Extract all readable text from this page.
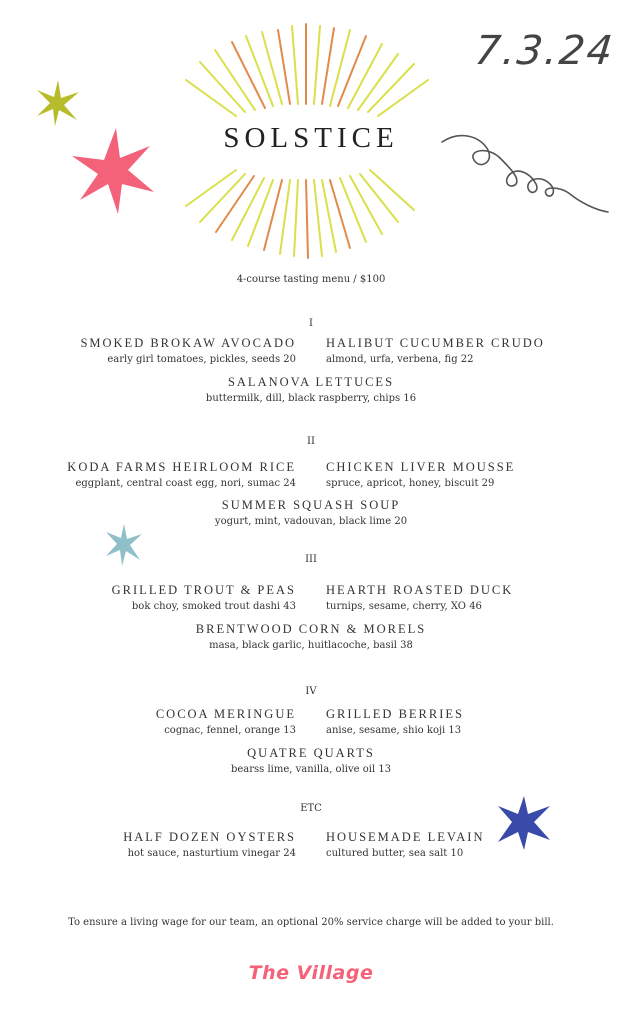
7.3.24
SOLSTICE
4-course tasting menu / $100
I
SMOKED BROKAW AVOCADO
early girl tomatoes, pickles, seeds 20
HALIBUT CUCUMBER CRUDO
almond, urfa, verbena, fig 22
SALANOVA LETTUCES
buttermilk, dill, black raspberry, chips 16
II
KODA FARMS HEIRLOOM RICE
eggplant, central coast egg, nori, sumac 24
CHICKEN LIVER MOUSSE
spruce, apricot, honey, biscuit 29
SUMMER SQUASH SOUP
yogurt, mint, vadouvan, black lime 20
III
GRILLED TROUT & PEAS
bok choy, smoked trout dashi 43
HEARTH ROASTED DUCK
turnips, sesame, cherry, XO 46
BRENTWOOD CORN & MORELS
masa, black garlic, huitlacoche, basil 38
IV
COCOA MERINGUE
cognac, fennel, orange 13
GRILLED BERRIES
anise, sesame, shio koji 13
QUATRE QUARTS
bearss lime, vanilla, olive oil 13
ETC
HALF DOZEN OYSTERS
hot sauce, nasturtium vinegar 24
HOUSEMADE LEVAIN
cultured butter, sea salt 10
To ensure a living wage for our team, an optional 20% service charge will be added to your bill.
The Village
